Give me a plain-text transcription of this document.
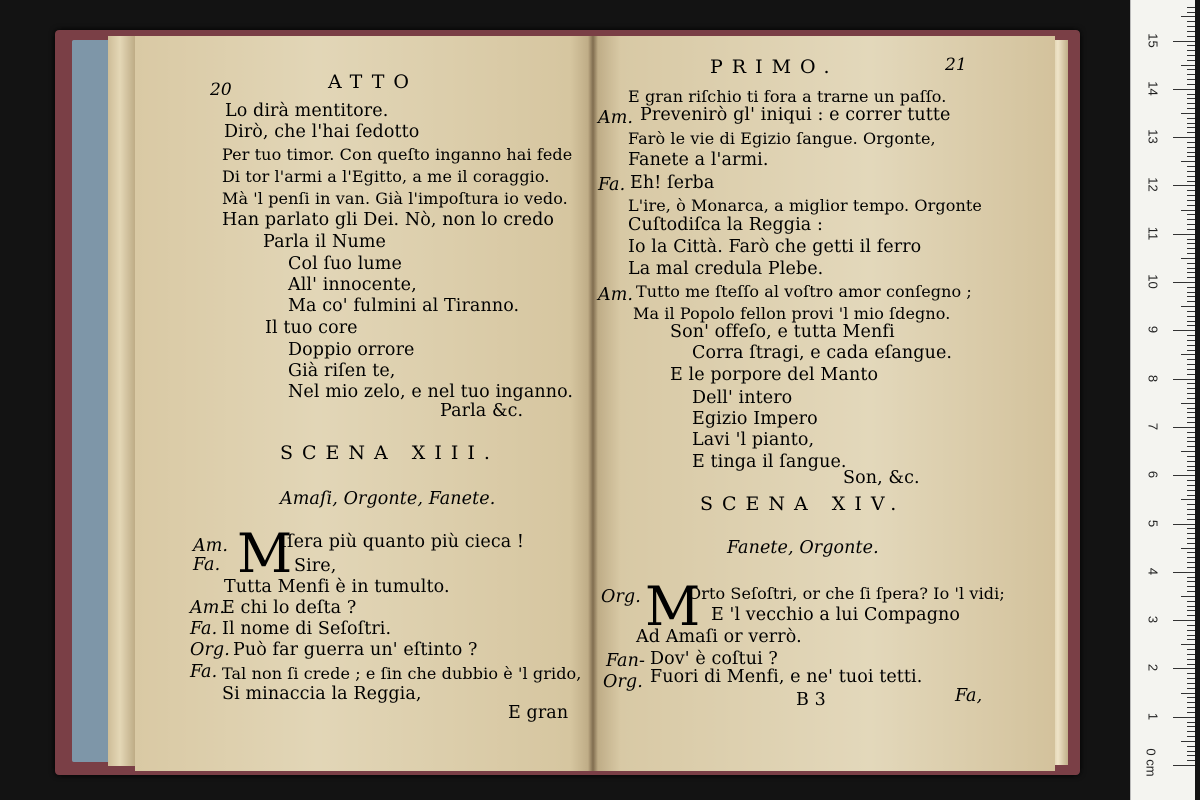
20	ATTO
Lo dirà mentitore.
Dirò, che l'hai ſedotto
Per tuo timor. Con queſto inganno hai fede
Di tor l'armi a l'Egitto, a me il coraggio.
Mà 'l penſi in van. Già l'impoſtura io vedo.
Han parlato gli Dei. Nò, non lo credo
Parla il Nume
Col ſuo lume
All' innocente,
Ma co' fulmini al Tiranno.
Il tuo core
Doppio orrore
Già riſen te,
Nel mio zelo, e nel tuo inganno.
Parla &c.
SCENA XIII.
Amaſi, Orgonte, Fanete.
M
Am.	Iſera più quanto più cieca !
Fa.	Sire,
Tutta Menfi è in tumulto.
Am.
E chi lo deſta ?
Fa. Il nome di Seſoſtri.
Org. Può far guerra un' eſtinto ?
Fa. Tal non ſi crede ; e ſin che dubbio è 'l grido,
Si minaccia la Reggia,
E gran
PRIMO.	21
E gran riſchio ti fora a trarne un paſſo.
Am. Prevenirò gl' iniqui : e correr tutte
Farò le vie di Egizio ſangue. Orgonte,
Fanete a l'armi.
Fa. Eh! ſerba
L'ire, ò Monarca, a miglior tempo. Orgonte
Cuſtodiſca la Reggia :
Io la Città. Farò che getti il ferro
La mal credula Plebe.
Am. Tutto me ſteſſo al voſtro amor conſegno ;
Ma il Popolo fellon provi 'l mio ſdegno.
Son' offeſo, e tutta Menfi
Corra ſtragi, e cada eſangue.
E le porpore del Manto
Dell' intero
Egizio Impero
Lavi 'l pianto,
E tinga il ſangue.
Son, &c.
SCENA XIV.
Fanete, Orgonte.
M
Org.	Orto Seſoſtri, or che ſi ſpera? Io 'l vidi;
E 'l vecchio a lui Compagno
Ad Amaſi or verrò.
Fan- Dov' è coſtui ?
Org. Fuori di Menfi, e ne' tuoi tetti.
B 3	Fa,
1
2
3
4
5
6
7
8
9
10
11
12
13
14
15
0 cm
